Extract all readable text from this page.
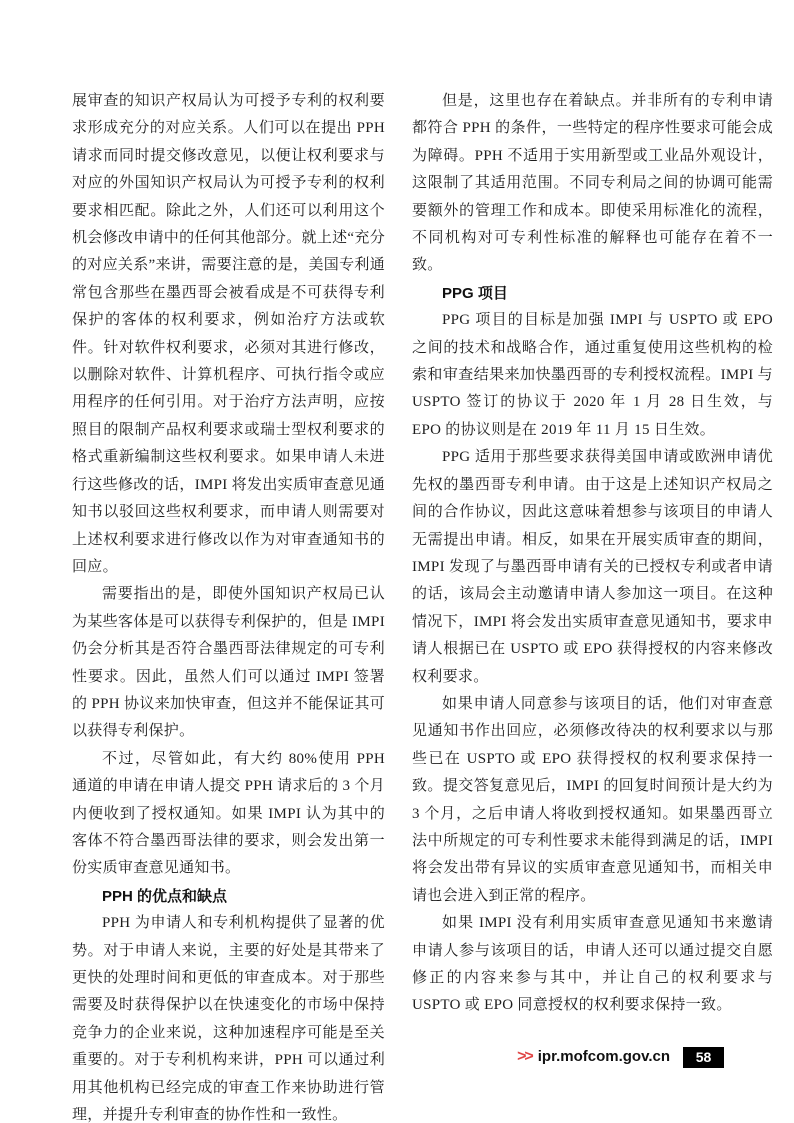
展审查的知识产权局认为可授予专利的权利要求形成充分的对应关系。人们可以在提出 PPH 请求而同时提交修改意见，以便让权利要求与对应的外国知识产权局认为可授予专利的权利要求相匹配。除此之外，人们还可以利用这个机会修改申请中的任何其他部分。就上述“充分的对应关系”来讲，需要注意的是，美国专利通常包含那些在墨西哥会被看成是不可获得专利保护的客体的权利要求，例如治疗方法或软件。针对软件权利要求，必须对其进行修改，以删除对软件、计算机程序、可执行指令或应用程序的任何引用。对于治疗方法声明，应按照目的限制产品权利要求或瑞士型权利要求的格式重新编制这些权利要求。如果申请人未进行这些修改的话，IMPI 将发出实质审查意见通知书以驳回这些权利要求，而申请人则需要对上述权利要求进行修改以作为对审查通知书的回应。

需要指出的是，即使外国知识产权局已认为某些客体是可以获得专利保护的，但是 IMPI 仍会分析其是否符合墨西哥法律规定的可专利性要求。因此，虽然人们可以通过 IMPI 签署的 PPH 协议来加快审查，但这并不能保证其可以获得专利保护。

不过，尽管如此，有大约 80%使用 PPH 通道的申请在申请人提交 PPH 请求后的 3 个月内便收到了授权通知。如果 IMPI 认为其中的客体不符合墨西哥法律的要求，则会发出第一份实质审查意见通知书。

PPH 的优点和缺点

PPH 为申请人和专利机构提供了显著的优势。对于申请人来说，主要的好处是其带来了更快的处理时间和更低的审查成本。对于那些需要及时获得保护以在快速变化的市场中保持竞争力的企业来说，这种加速程序可能是至关重要的。对于专利机构来讲，PPH 可以通过利用其他机构已经完成的审查工作来协助进行管理，并提升专利审查的协作性和一致性。

但是，这里也存在着缺点。并非所有的专利申请都符合 PPH 的条件，一些特定的程序性要求可能会成为障碍。PPH 不适用于实用新型或工业品外观设计，这限制了其适用范围。不同专利局之间的协调可能需要额外的管理工作和成本。即使采用标准化的流程，不同机构对可专利性标准的解释也可能存在着不一致。

PPG 项目

PPG 项目的目标是加强 IMPI 与 USPTO 或 EPO 之间的技术和战略合作，通过重复使用这些机构的检索和审查结果来加快墨西哥的专利授权流程。IMPI 与 USPTO 签订的协议于 2020 年 1 月 28 日生效，与 EPO 的协议则是在 2019 年 11 月 15 日生效。

PPG 适用于那些要求获得美国申请或欧洲申请优先权的墨西哥专利申请。由于这是上述知识产权局之间的合作协议，因此这意味着想参与该项目的申请人无需提出申请。相反，如果在开展实质审查的期间，IMPI 发现了与墨西哥申请有关的已授权专利或者申请的话，该局会主动邀请申请人参加这一项目。在这种情况下，IMPI 将会发出实质审查意见通知书，要求申请人根据已在 USPTO 或 EPO 获得授权的内容来修改权利要求。

如果申请人同意参与该项目的话，他们对审查意见通知书作出回应，必须修改待决的权利要求以与那些已在 USPTO 或 EPO 获得授权的权利要求保持一致。提交答复意见后，IMPI 的回复时间预计是大约为 3 个月，之后申请人将收到授权通知。如果墨西哥立法中所规定的可专利性要求未能得到满足的话，IMPI 将会发出带有异议的实质审查意见通知书，而相关申请也会进入到正常的程序。

如果 IMPI 没有利用实质审查意见通知书来邀请申请人参与该项目的话，申请人还可以通过提交自愿修正的内容来参与其中，并让自己的权利要求与 USPTO 或 EPO 同意授权的权利要求保持一致。

>> ipr.mofcom.gov.cn	58
